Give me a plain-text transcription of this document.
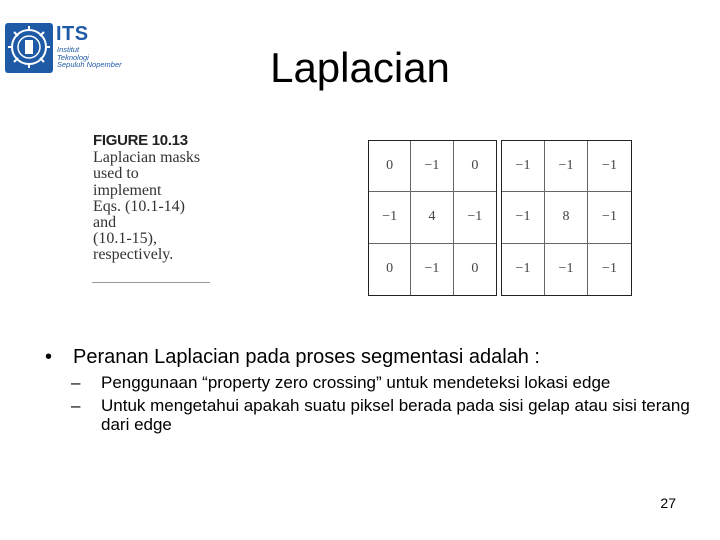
ITS
Institut
Teknologi
Sepuluh Nopember	Laplacian
FIGURE 10.13
Laplacian masks
used to
implement
Eqs. (10.1-14) and
(10.1-15),
respectively.
0	−1	0
−1	4	−1
0	−1	0
−1	−1	−1
−1	8	−1
−1	−1	−1
• Peranan Laplacian pada proses segmentasi adalah :
– Penggunaan “property zero crossing” untuk mendeteksi lokasi edge
– Untuk mengetahui apakah suatu piksel berada pada sisi gelap atau sisi terang dari edge
27
